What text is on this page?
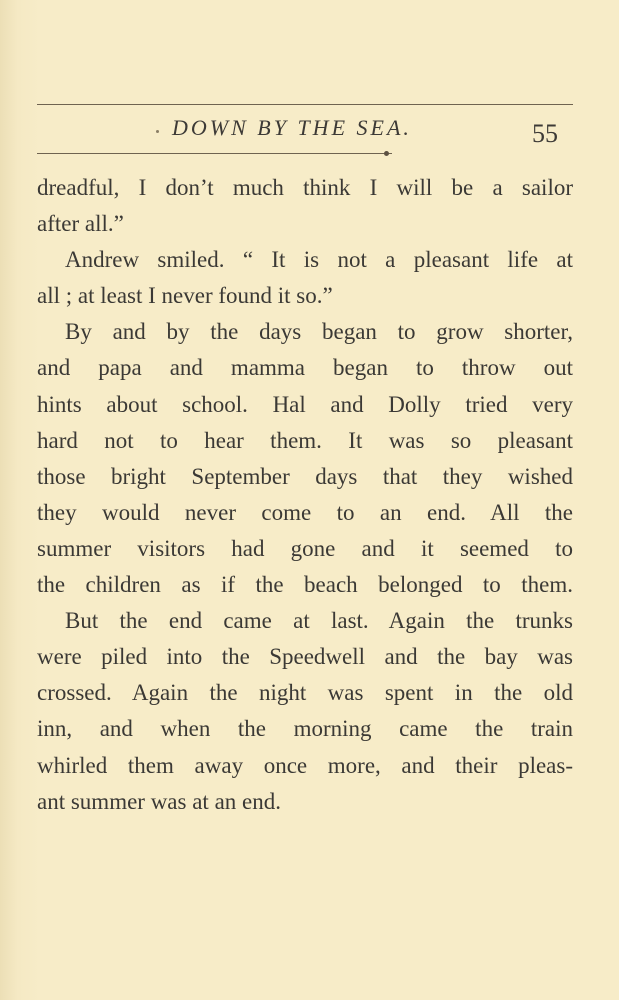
DOWN BY THE SEA.	55
dreadful, I don’t much think I will be a sailor
after all.”
Andrew smiled. “ It is not a pleasant life at
all ; at least I never found it so.”
By and by the days began to grow shorter,
and papa and mamma began to throw out
hints about school. Hal and Dolly tried very
hard not to hear them. It was so pleasant
those bright September days that they wished
they would never come to an end. All the
summer visitors had gone and it seemed to
the children as if the beach belonged to them.
But the end came at last. Again the trunks
were piled into the Speedwell and the bay was
crossed. Again the night was spent in the old
inn, and when the morning came the train
whirled them away once more, and their pleas-
ant summer was at an end.
